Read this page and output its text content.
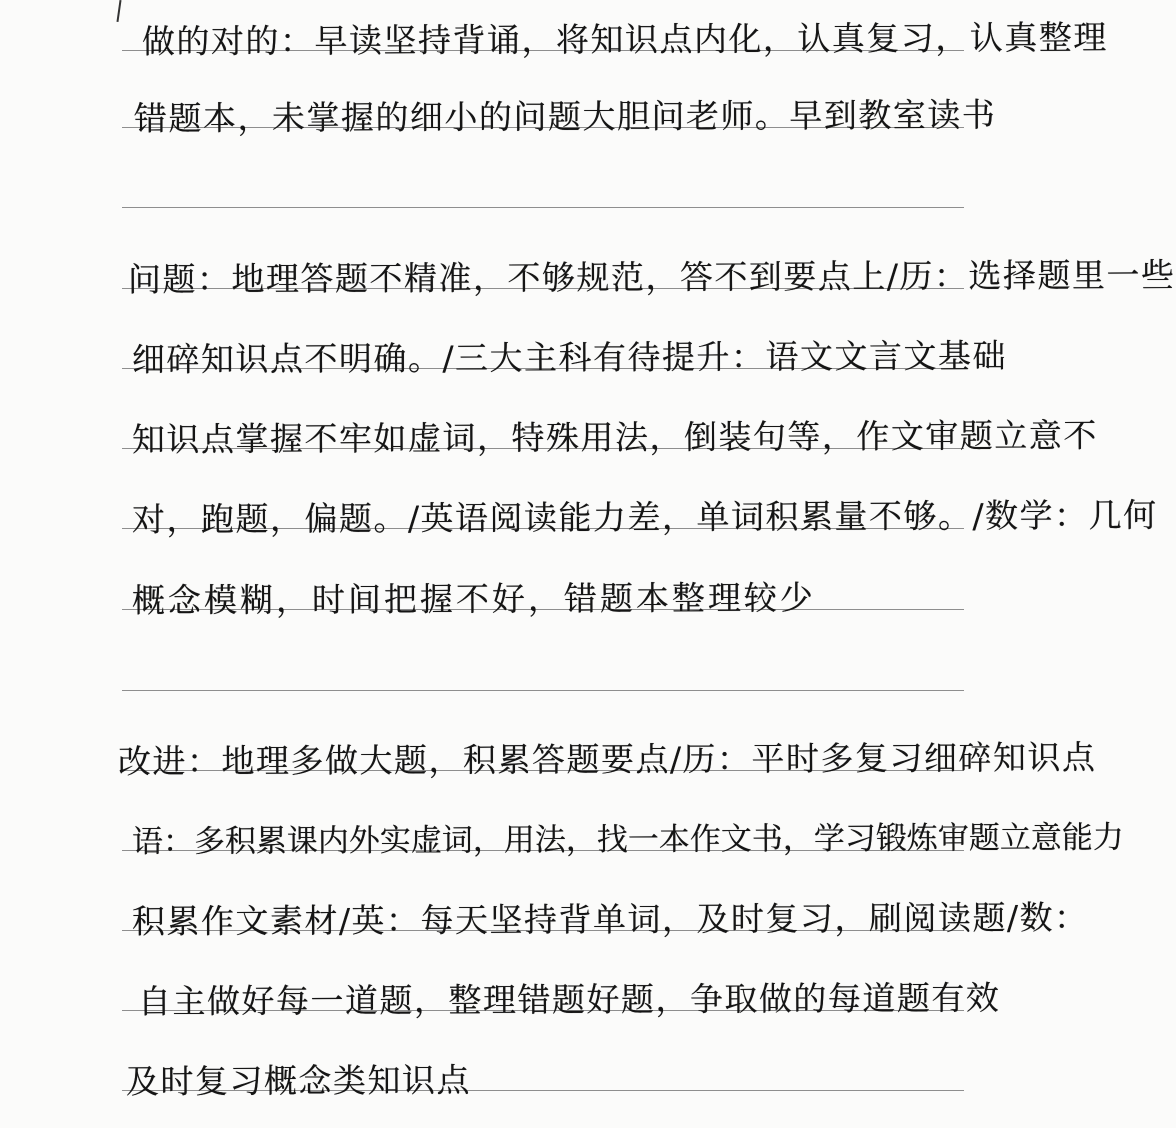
做的对的：早读坚持背诵，将知识点内化，认真复习，认真整理
错题本，未掌握的细小的问题大胆问老师。早到教室读书
问题：地理答题不精准，不够规范，答不到要点上/历：选择题里一些
细碎知识点不明确。/三大主科有待提升：语文文言文基础
知识点掌握不牢如虚词，特殊用法，倒装句等，作文审题立意不
对，跑题，偏题。/英语阅读能力差，单词积累量不够。/数学：几何
概念模糊，时间把握不好，错题本整理较少
改进：地理多做大题，积累答题要点/历：平时多复习细碎知识点
语：多积累课内外实虚词，用法，找一本作文书，学习锻炼审题立意能力
积累作文素材/英：每天坚持背单词，及时复习，刷阅读题/数：
自主做好每一道题，整理错题好题，争取做的每道题有效
及时复习概念类知识点
